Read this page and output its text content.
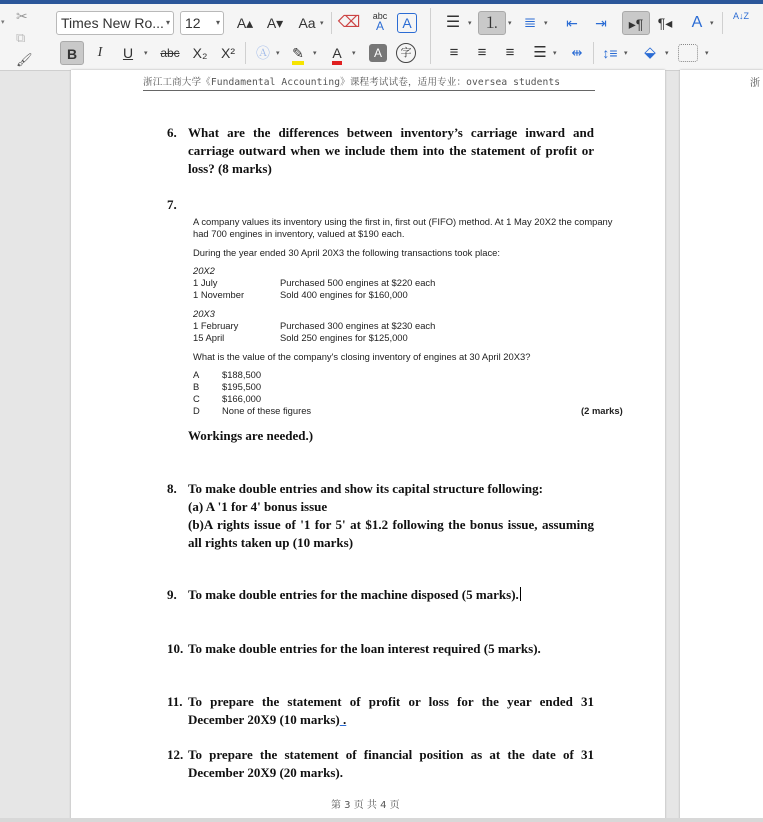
✂
⧉
🖌
▾	Times New Ro... ▾	12 ▾	A▴ A▾	Aa ▾ ⌫	abc
A	A	☰	▾ ⒈	▾ ≣	▾	⇤	⇥	▸¶	¶◂	A	▾
A↓Z
B	I	U	▾	abc X₂ X²	Ⓐ ▾ ✎	▾	A	▾	A	字	≡	≡	≡	☰ ▾	⇹	↕≡ ▾	⬙	▾	▾
浙江工商大学《Fundamental Accounting》课程考试试卷，适用专业：oversea students
6. What are the differences between inventory’s carriage inward and carriage outward when we include them into the statement of profit or loss? (8 marks)
7.

A company values its inventory using the first in, first out (FIFO) method. At 1 May 20X2 the company had 700 engines in inventory, valued at $190 each.

During the year ended 30 April 20X3 the following transactions took place:
20X2
1 July	Purchased 500 engines at $220 each
1 November	Sold 400 engines for $160,000
20X3
1 February	Purchased 300 engines at $230 each
15 April	Sold 250 engines for $125,000
What is the value of the company's closing inventory of engines at 30 April 20X3?
A $188,500
B $195,500
C $166,000
D None of these figures	(2 marks)
Workings are needed.)
8. To make double entries and show its capital structure following:

(a) A '1 for 4' bonus issue

(b)A rights issue of '1 for 5' at $1.2 following the bonus issue, assuming all rights taken up (10 marks)

9. To make double entries for the machine disposed (5 marks).
10. To make double entries for the loan interest required (5 marks).
11. To prepare the statement of profit or loss for the year ended 31 December 20X9 (10 marks) .
12. To prepare the statement of financial position as at the date of 31 December 20X9 (20 marks).
第 3 页 共 4 页
浙
